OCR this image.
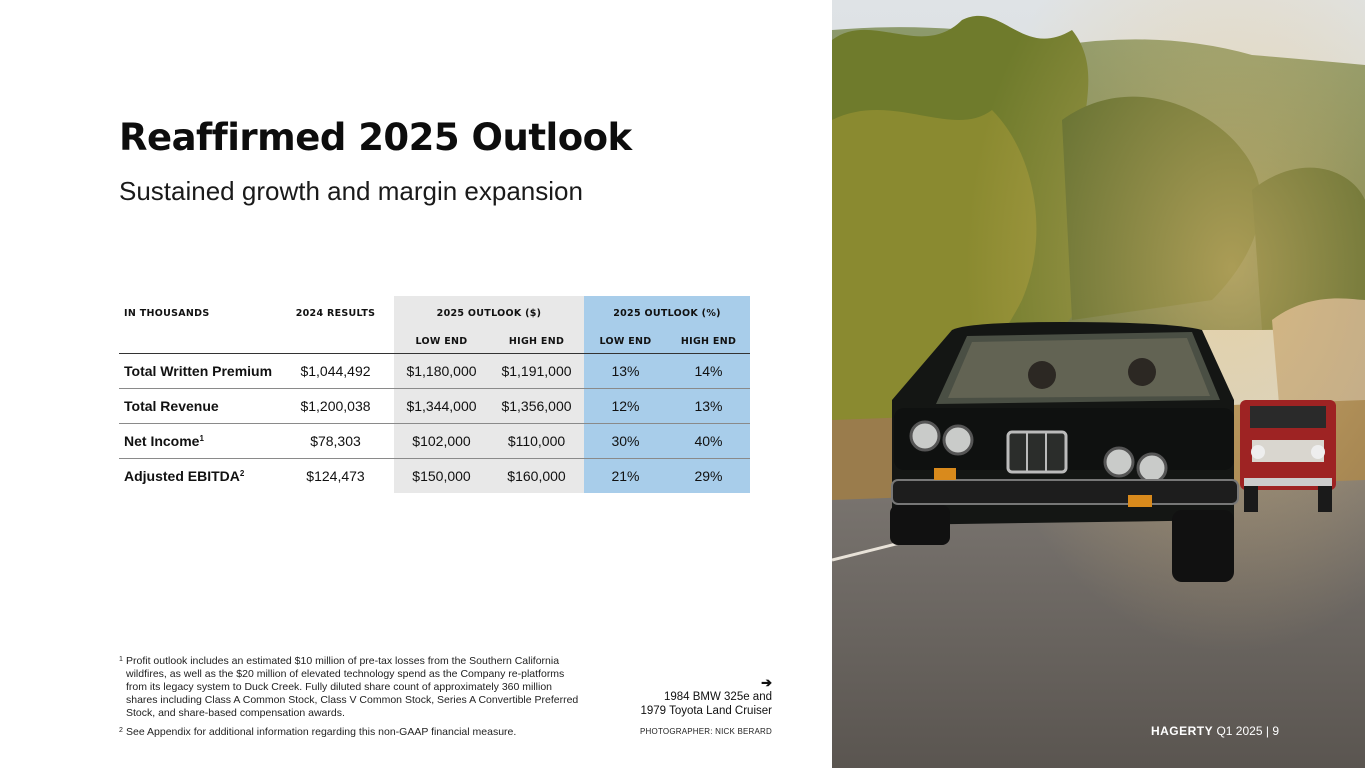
Reaffirmed 2025 Outlook
Sustained growth and margin expansion
IN THOUSANDS	2024 RESULTS	2025 OUTLOOK ($)		2025 OUTLOOK (%)	
		LOW END	HIGH END	LOW END	HIGH END
Total Written Premium	$1,044,492	$1,180,000	$1,191,000	13%	14%
Total Revenue	$1,200,038	$1,344,000	$1,356,000	12%	13%
Net Income$^1$	$78,303	$102,000	$110,000	30%	40%
Adjusted EBITDA$^2$	$124,473	$150,000	$160,000	21%	29%
1 Profit outlook includes an estimated $10 million of pre-tax losses from the Southern California wildfires, as well as the $20 million of elevated technology spend as the Company re-platforms from its legacy system to Duck Creek. Fully diluted share count of approximately 360 million shares including Class A Common Stock, Class V Common Stock, Series A Convertible Preferred Stock, and share-based compensation awards.
2 See Appendix for additional information regarding this non-GAAP financial measure.
➔
1984 BMW 325e and
1979 Toyota Land Cruiser
PHOTOGRAPHER: NICK BERARD	HAGERTY Q1 2025 | 9
